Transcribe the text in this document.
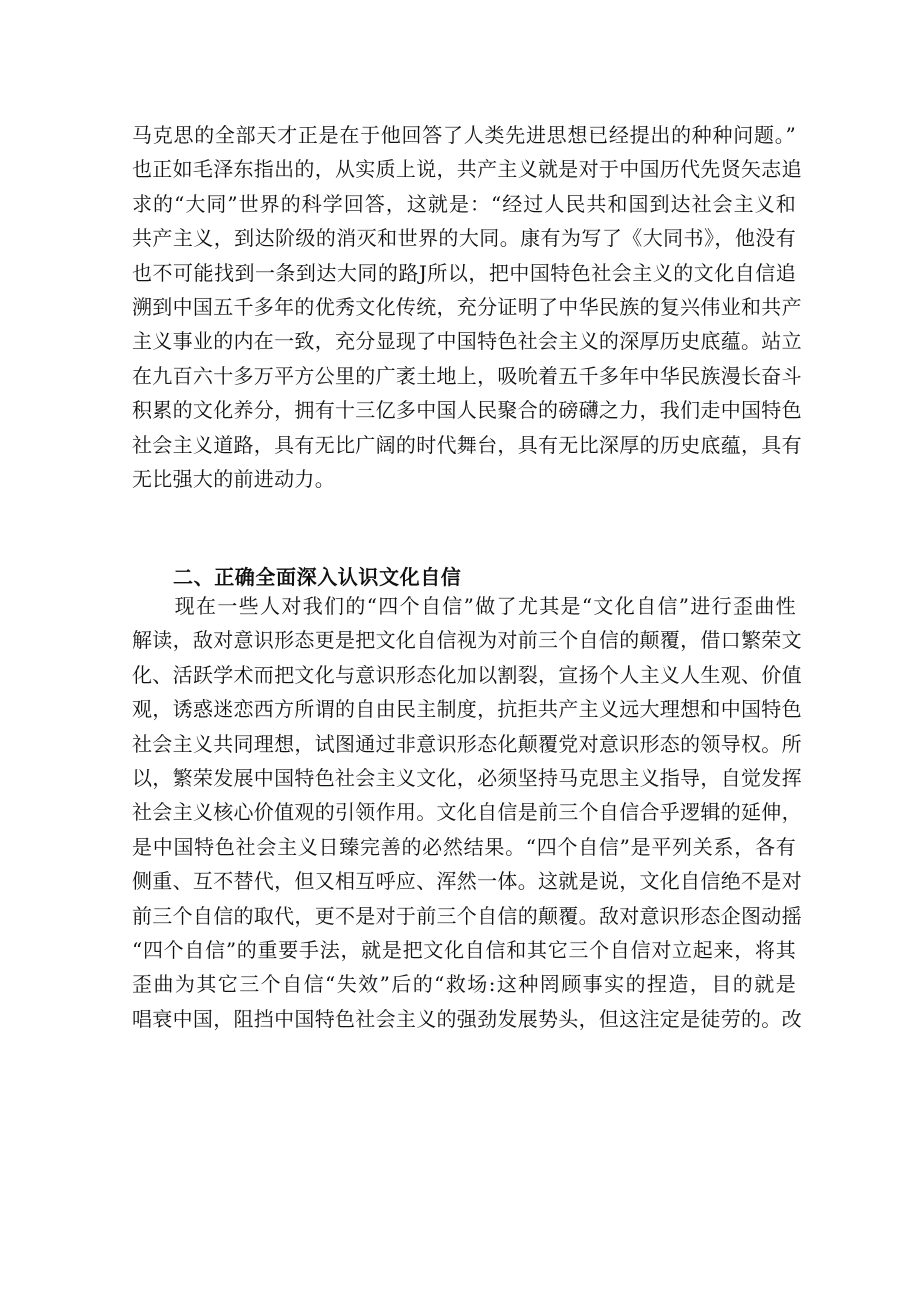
马克思的全部天才正是在于他回答了人类先进思想已经提出的种种问题。”
也正如毛泽东指出的，从实质上说，共产主义就是对于中国历代先贤矢志追
求的“大同”世界的科学回答，这就是：“经过人民共和国到达社会主义和
共产主义，到达阶级的消灭和世界的大同。康有为写了《大同书》，他没有
也不可能找到一条到达大同的路J所以，把中国特色社会主义的文化自信追
溯到中国五千多年的优秀文化传统，充分证明了中华民族的复兴伟业和共产
主义事业的内在一致，充分显现了中国特色社会主义的深厚历史底蕴。站立
在九百六十多万平方公里的广袤土地上，吸吮着五千多年中华民族漫长奋斗
积累的文化养分，拥有十三亿多中国人民聚合的磅礴之力，我们走中国特色
社会主义道路，具有无比广阔的时代舞台，具有无比深厚的历史底蕴，具有
无比强大的前进动力。
二、正确全面深入认识文化自信
　　现在一些人对我们的“四个自信”做了尤其是“文化自信”进行歪曲性
解读，敌对意识形态更是把文化自信视为对前三个自信的颠覆，借口繁荣文
化、活跃学术而把文化与意识形态化加以割裂，宣扬个人主义人生观、价值
观，诱惑迷恋西方所谓的自由民主制度，抗拒共产主义远大理想和中国特色
社会主义共同理想，试图通过非意识形态化颠覆党对意识形态的领导权。所
以，繁荣发展中国特色社会主义文化，必须坚持马克思主义指导，自觉发挥
社会主义核心价值观的引领作用。文化自信是前三个自信合乎逻辑的延伸，
是中国特色社会主义日臻完善的必然结果。“四个自信”是平列关系，各有
侧重、互不替代，但又相互呼应、浑然一体。这就是说，文化自信绝不是对
前三个自信的取代，更不是对于前三个自信的颠覆。敌对意识形态企图动摇
“四个自信”的重要手法，就是把文化自信和其它三个自信对立起来，将其
歪曲为其它三个自信“失效”后的“救场:这种罔顾事实的捏造，目的就是
唱衰中国，阻挡中国特色社会主义的强劲发展势头，但这注定是徒劳的。改
